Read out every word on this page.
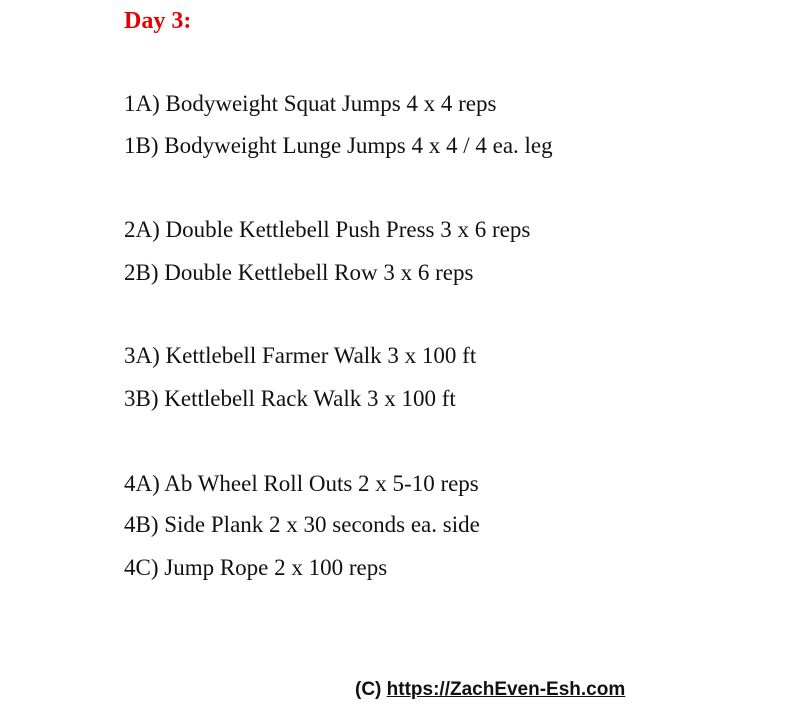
Day 3:
1A) Bodyweight Squat Jumps 4 x 4 reps
1B) Bodyweight Lunge Jumps 4 x 4 / 4 ea. leg
2A) Double Kettlebell Push Press 3 x 6 reps
2B) Double Kettlebell Row 3 x 6 reps
3A) Kettlebell Farmer Walk 3 x 100 ft
3B) Kettlebell Rack Walk 3 x 100 ft
4A) Ab Wheel Roll Outs 2 x 5-10 reps
4B) Side Plank 2 x 30 seconds ea. side
4C) Jump Rope 2 x 100 reps
(C) https://ZachEven-Esh.com
